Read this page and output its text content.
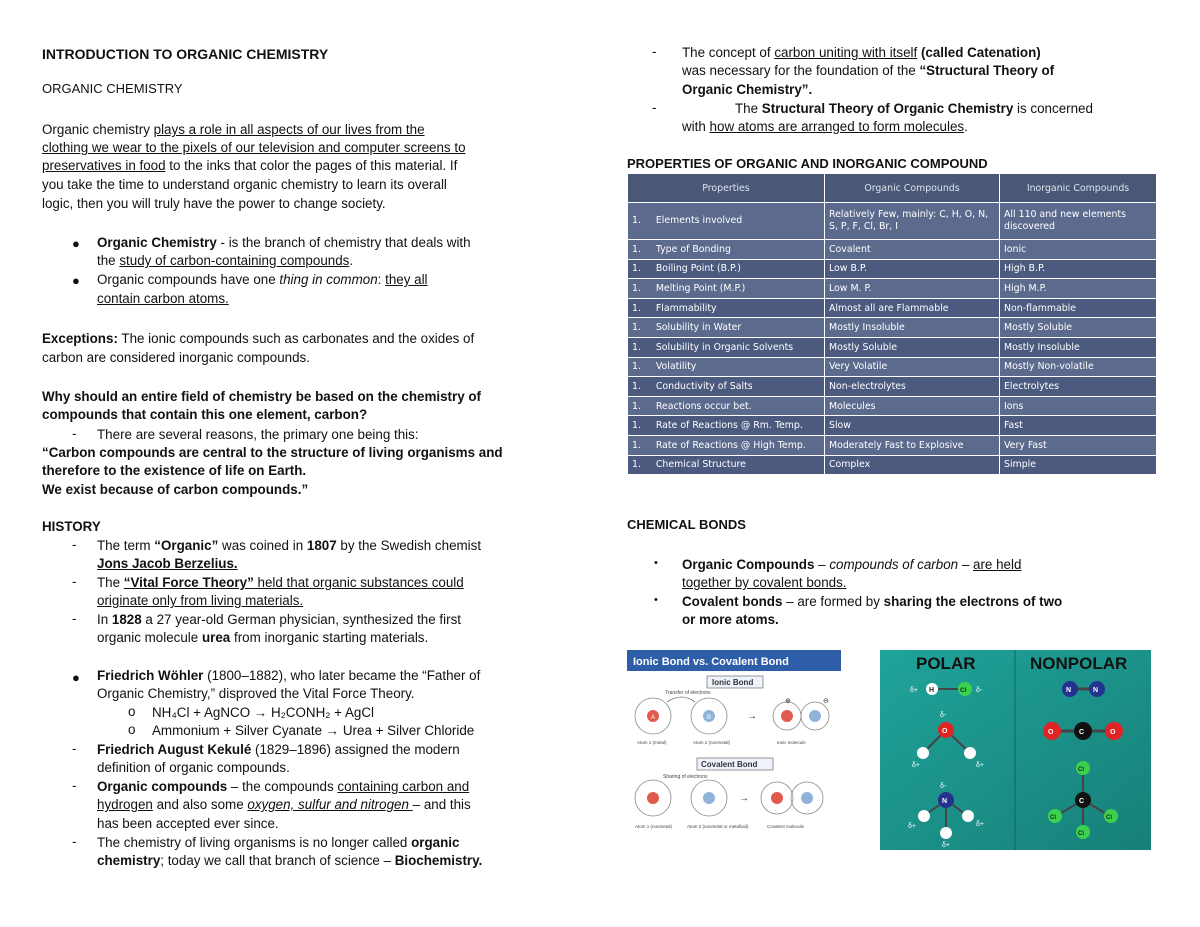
INTRODUCTION TO ORGANIC CHEMISTRY
ORGANIC CHEMISTRY
Organic chemistry plays a role in all aspects of our lives from the
clothing we wear to the pixels of our television and computer screens to
preservatives in food to the inks that color the pages of this material. If
you take the time to understand organic chemistry to learn its overall
logic, then you will truly have the power to change society.
● Organic Chemistry - is the branch of chemistry that deals with
the study of carbon-containing compounds.
● Organic compounds have one thing in common: they all
contain carbon atoms.
Exceptions: The ionic compounds such as carbonates and the oxides of
carbon are considered inorganic compounds.
Why should an entire field of chemistry be based on the chemistry of
compounds that contain this one element, carbon?
- There are several reasons, the primary one being this:
“Carbon compounds are central to the structure of living organisms and
therefore to the existence of life on Earth.
We exist because of carbon compounds.”
HISTORY
- The term “Organic” was coined in 1807 by the Swedish chemist
Jons Jacob Berzelius.
- The “Vital Force Theory” held that organic substances could
originate only from living materials.
- In 1828 a 27 year-old German physician, synthesized the first
organic molecule urea from inorganic starting materials.
● Friedrich Wöhler (1800–1882), who later became the “Father of
Organic Chemistry,” disproved the Vital Force Theory.
o NH₄Cl + AgNCO → H₂CONH₂ + AgCl
o Ammonium + Silver Cyanate → Urea + Silver Chloride
- Friedrich August Kekulé (1829–1896) assigned the modern
definition of organic compounds.
- Organic compounds – the compounds containing carbon and
hydrogen and also some oxygen, sulfur and nitrogen – and this
has been accepted ever since.
- The chemistry of living organisms is no longer called organic
chemistry; today we call that branch of science – Biochemistry.
- The concept of carbon uniting with itself (called Catenation)
was necessary for the foundation of the “Structural Theory of
Organic Chemistry”.
-	The Structural Theory of Organic Chemistry is concerned
with how atoms are arranged to form molecules.
PROPERTIES OF ORGANIC AND INORGANIC COMPOUND
Properties	Organic Compounds	Inorganic Compounds
1.     Elements involved	Relatively Few, mainly: C, H, O, N, S, P, F, Cl, Br, I	All 110 and new elements discovered
1.     Type of Bonding	Covalent	Ionic
1.     Boiling Point (B.P.)	Low B.P.	High B.P.
1.     Melting Point (M.P.)	Low M. P.	High M.P.
1.     Flammability	Almost all are Flammable	Non-flammable
1.     Solubility in Water	Mostly Insoluble	Mostly Soluble
1.     Solubility in Organic Solvents	Mostly Soluble	Mostly Insoluble
1.     Volatility	Very Volatile	Mostly Non-volatile
1.     Conductivity of Salts	Non-electrolytes	Electrolytes
1.     Reactions occur bet.	Molecules	Ions
1.     Rate of Reactions @ Rm. Temp.	Slow	Fast
1.     Rate of Reactions @ High Temp.	Moderately Fast to Explosive	Very Fast
1.     Chemical Structure	Complex	Simple
CHEMICAL BONDS
• Organic Compounds – compounds of carbon – are held
together by covalent bonds.
• Covalent bonds – are formed by sharing the electrons of two
or more atoms.
Ionic Bond vs. Covalent Bond
Ionic Bond
Transfer of electrons
A	B	→
⊕	⊖
Atom 1 (metal)	Atom 2 (nonmetal)	Ionic molecule
Covalent Bond
Sharing of electrons
→
Atom 1 (nonmetal)	Atom 2 (nonmetal or metalloid)	Covalent molecule
POLAR	NONPOLAR
H	Cl
δ+	δ-
O
δ-
δ+	δ+
N
δ-
δ+	δ+
δ+
N	N
O	C	O
C
Cl
Cl	Cl
Cl
